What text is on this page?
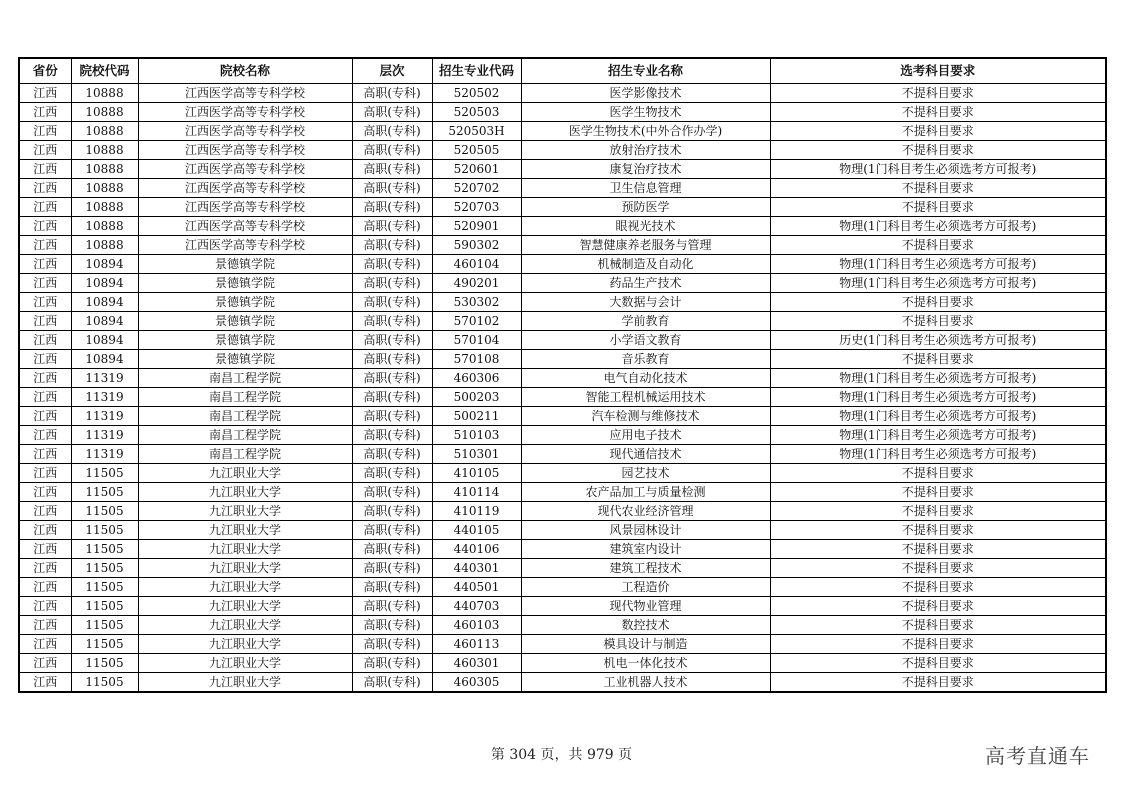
省份	院校代码	院校名称	层次	招生专业代码	招生专业名称	选考科目要求
江西	10888	江西医学高等专科学校	高职(专科)	520502	医学影像技术	不提科目要求
江西	10888	江西医学高等专科学校	高职(专科)	520503	医学生物技术	不提科目要求
江西	10888	江西医学高等专科学校	高职(专科)	520503H	医学生物技术(中外合作办学)	不提科目要求
江西	10888	江西医学高等专科学校	高职(专科)	520505	放射治疗技术	不提科目要求
江西	10888	江西医学高等专科学校	高职(专科)	520601	康复治疗技术	物理(1门科目考生必须选考方可报考)
江西	10888	江西医学高等专科学校	高职(专科)	520702	卫生信息管理	不提科目要求
江西	10888	江西医学高等专科学校	高职(专科)	520703	预防医学	不提科目要求
江西	10888	江西医学高等专科学校	高职(专科)	520901	眼视光技术	物理(1门科目考生必须选考方可报考)
江西	10888	江西医学高等专科学校	高职(专科)	590302	智慧健康养老服务与管理	不提科目要求
江西	10894	景德镇学院	高职(专科)	460104	机械制造及自动化	物理(1门科目考生必须选考方可报考)
江西	10894	景德镇学院	高职(专科)	490201	药品生产技术	物理(1门科目考生必须选考方可报考)
江西	10894	景德镇学院	高职(专科)	530302	大数据与会计	不提科目要求
江西	10894	景德镇学院	高职(专科)	570102	学前教育	不提科目要求
江西	10894	景德镇学院	高职(专科)	570104	小学语文教育	历史(1门科目考生必须选考方可报考)
江西	10894	景德镇学院	高职(专科)	570108	音乐教育	不提科目要求
江西	11319	南昌工程学院	高职(专科)	460306	电气自动化技术	物理(1门科目考生必须选考方可报考)
江西	11319	南昌工程学院	高职(专科)	500203	智能工程机械运用技术	物理(1门科目考生必须选考方可报考)
江西	11319	南昌工程学院	高职(专科)	500211	汽车检测与维修技术	物理(1门科目考生必须选考方可报考)
江西	11319	南昌工程学院	高职(专科)	510103	应用电子技术	物理(1门科目考生必须选考方可报考)
江西	11319	南昌工程学院	高职(专科)	510301	现代通信技术	物理(1门科目考生必须选考方可报考)
江西	11505	九江职业大学	高职(专科)	410105	园艺技术	不提科目要求
江西	11505	九江职业大学	高职(专科)	410114	农产品加工与质量检测	不提科目要求
江西	11505	九江职业大学	高职(专科)	410119	现代农业经济管理	不提科目要求
江西	11505	九江职业大学	高职(专科)	440105	风景园林设计	不提科目要求
江西	11505	九江职业大学	高职(专科)	440106	建筑室内设计	不提科目要求
江西	11505	九江职业大学	高职(专科)	440301	建筑工程技术	不提科目要求
江西	11505	九江职业大学	高职(专科)	440501	工程造价	不提科目要求
江西	11505	九江职业大学	高职(专科)	440703	现代物业管理	不提科目要求
江西	11505	九江职业大学	高职(专科)	460103	数控技术	不提科目要求
江西	11505	九江职业大学	高职(专科)	460113	模具设计与制造	不提科目要求
江西	11505	九江职业大学	高职(专科)	460301	机电一体化技术	不提科目要求
江西	11505	九江职业大学	高职(专科)	460305	工业机器人技术	不提科目要求
第 304 页，共 979 页	高考直通车
